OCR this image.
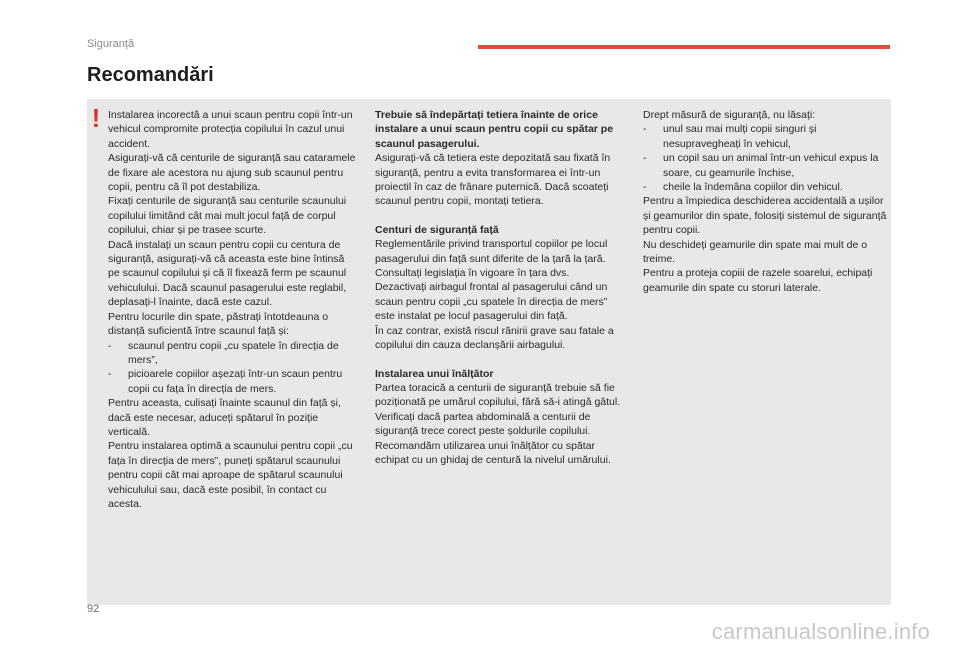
Siguranță
Recomandări
! Instalarea incorectă a unui scaun pentru copii într-un vehicul compromite protecția copilului în cazul unui accident.

Asigurați-vă că centurile de siguranță sau cataramele de fixare ale acestora nu ajung sub scaunul pentru copii, pentru că îl pot destabiliza.

Fixați centurile de siguranță sau centurile scaunului copilului limitând cât mai mult jocul față de corpul copilului, chiar și pe trasee scurte.

Dacă instalați un scaun pentru copii cu centura de siguranță, asigurați-vă că aceasta este bine întinsă pe scaunul copilului și că îl fixează ferm pe scaunul vehiculului. Dacă scaunul pasagerului este reglabil, deplasați-l înainte, dacă este cazul.

Pentru locurile din spate, păstrați întotdeauna o distanță suficientă între scaunul față și:

-	scaunul pentru copii „cu spatele în direcția de mers”,
-	picioarele copiilor așezați într-un scaun pentru copii cu fața în direcția de mers.

Pentru aceasta, culisați înainte scaunul din față și, dacă este necesar, aduceți spătarul în poziție verticală.

Pentru instalarea optimă a scaunului pentru copii „cu fața în direcția de mers”, puneți spătarul scaunului pentru copii cât mai aproape de spătarul scaunului vehiculului sau, dacă este posibil, în contact cu acesta.

Trebuie să îndepărtați tetiera înainte de orice instalare a unui scaun pentru copii cu spătar pe scaunul pasagerului.

Asigurați-vă că tetiera este depozitată sau fixată în siguranță, pentru a evita transformarea ei într-un proiectil în caz de frânare puternică. Dacă scoateți scaunul pentru copii, montați tetiera.

Centuri de siguranță față

Reglementările privind transportul copiilor pe locul pasagerului din față sunt diferite de la țară la țară. Consultați legislația în vigoare în țara dvs.

Dezactivați airbagul frontal al pasagerului când un scaun pentru copii „cu spatele în direcția de mers” este instalat pe locul pasagerului din față.

În caz contrar, există riscul rănirii grave sau fatale a copilului din cauza declanșării airbagului.

Instalarea unui înălțător

Partea toracică a centurii de siguranță trebuie să fie poziționată pe umărul copilului, fără să-i atingă gâtul.

Verificați dacă partea abdominală a centurii de siguranță trece corect peste șoldurile copilului.

Recomandăm utilizarea unui înălțător cu spătar echipat cu un ghidaj de centură la nivelul umărului.

Drept măsură de siguranță, nu lăsați:

-	unul sau mai mulți copii singuri și nesupravegheați în vehicul,
-	un copil sau un animal într-un vehicul expus la soare, cu geamurile închise,
-	cheile la îndemâna copiilor din vehicul.

Pentru a împiedica deschiderea accidentală a ușilor și geamurilor din spate, folosiți sistemul de siguranță pentru copii.

Nu deschideți geamurile din spate mai mult de o treime.

Pentru a proteja copiii de razele soarelui, echipați geamurile din spate cu storuri laterale.

92
carmanualsonline.info
